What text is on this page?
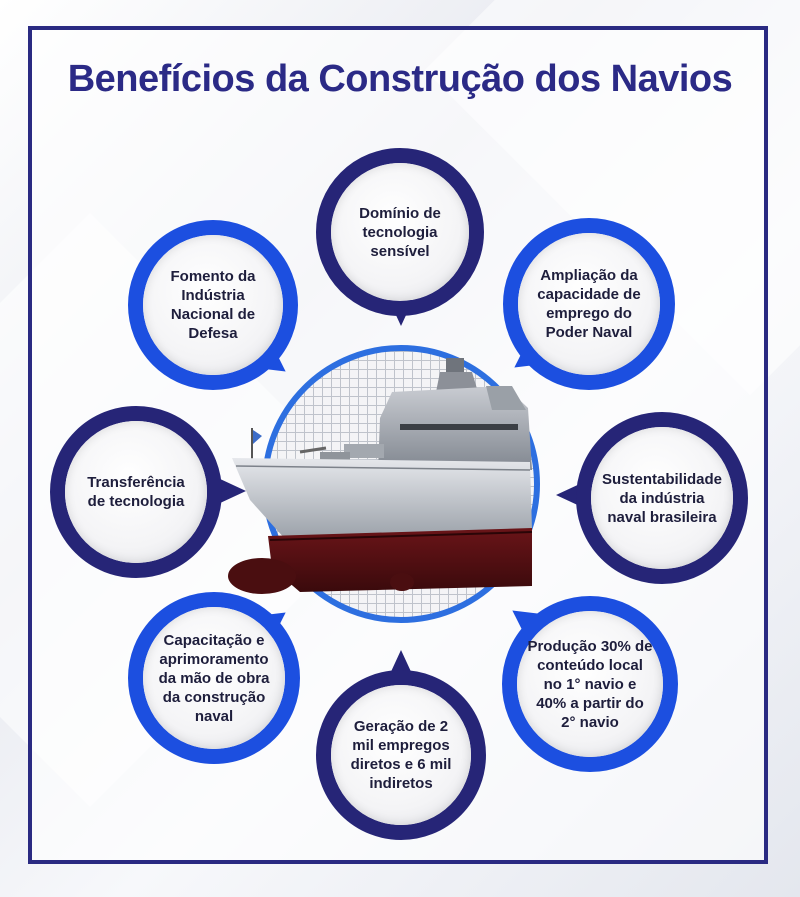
Benefícios da Construção dos Navios
Domínio de tecnologia sensível
Ampliação da capacidade de emprego do Poder Naval
Sustentabilidade da indústria naval brasileira
Produção 30% de conteúdo local no 1° navio e 40% a partir do 2° navio
Geração de 2 mil empregos diretos e 6 mil indiretos
Capacitação e aprimoramento da mão de obra da construção naval
Transferência de tecnologia
Fomento da Indústria Nacional de Defesa
